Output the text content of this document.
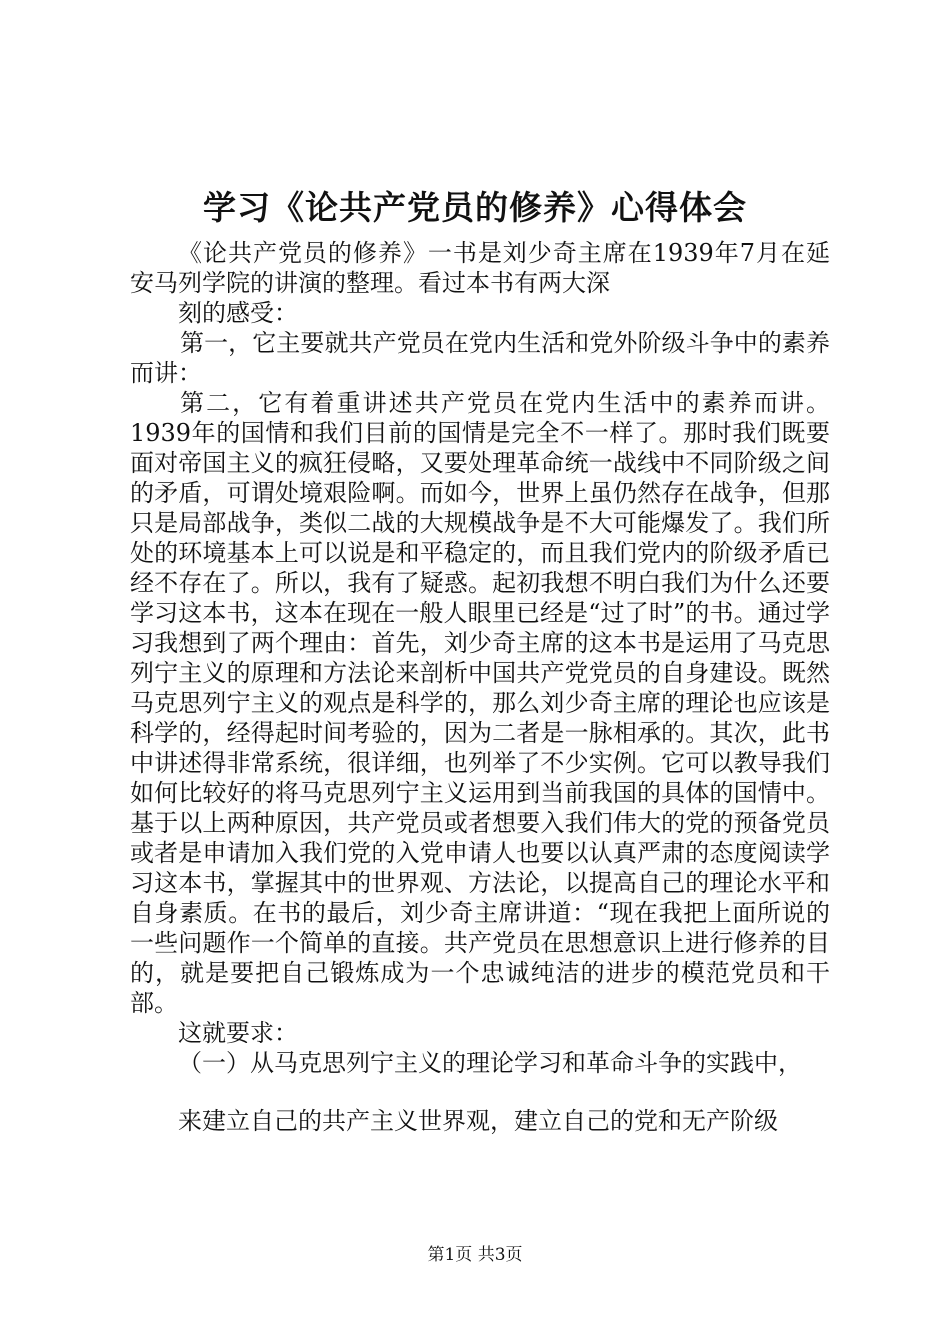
学习《论共产党员的修养》心得体会

《论共产党员的修养》一书是刘少奇主席在1939年7月在延安马列学院的讲演的整理。看过本书有两大深

刻的感受：

第一，它主要就共产党员在党内生活和党外阶级斗争中的素养而讲：

第二，它有着重讲述共产党员在党内生活中的素养而讲。1939年的国情和我们目前的国情是完全不一样了。那时我们既要面对帝国主义的疯狂侵略，又要处理革命统一战线中不同阶级之间的矛盾，可谓处境艰险啊。而如今，世界上虽仍然存在战争，但那只是局部战争，类似二战的大规模战争是不大可能爆发了。我们所处的环境基本上可以说是和平稳定的，而且我们党内的阶级矛盾已经不存在了。所以，我有了疑惑。起初我想不明白我们为什么还要学习这本书，这本在现在一般人眼里已经是“过了时”的书。通过学习我想到了两个理由：首先，刘少奇主席的这本书是运用了马克思列宁主义的原理和方法论来剖析中国共产党党员的自身建设。既然马克思列宁主义的观点是科学的，那么刘少奇主席的理论也应该是科学的，经得起时间考验的，因为二者是一脉相承的。其次，此书中讲述得非常系统，很详细，也列举了不少实例。它可以教导我们如何比较好的将马克思列宁主义运用到当前我国的具体的国情中。基于以上两种原因，共产党员或者想要入我们伟大的党的预备党员或者是申请加入我们党的入党申请人也要以认真严肃的态度阅读学习这本书，掌握其中的世界观、方法论，以提高自己的理论水平和自身素质。在书的最后，刘少奇主席讲道：“现在我把上面所说的一些问题作一个简单的直接。共产党员在思想意识上进行修养的目的，就是要把自己锻炼成为一个忠诚纯洁的进步的模范党员和干部。

这就要求：

（一）从马克思列宁主义的理论学习和革命斗争的实践中，

来建立自己的共产主义世界观，建立自己的党和无产阶级

第1页 共3页
